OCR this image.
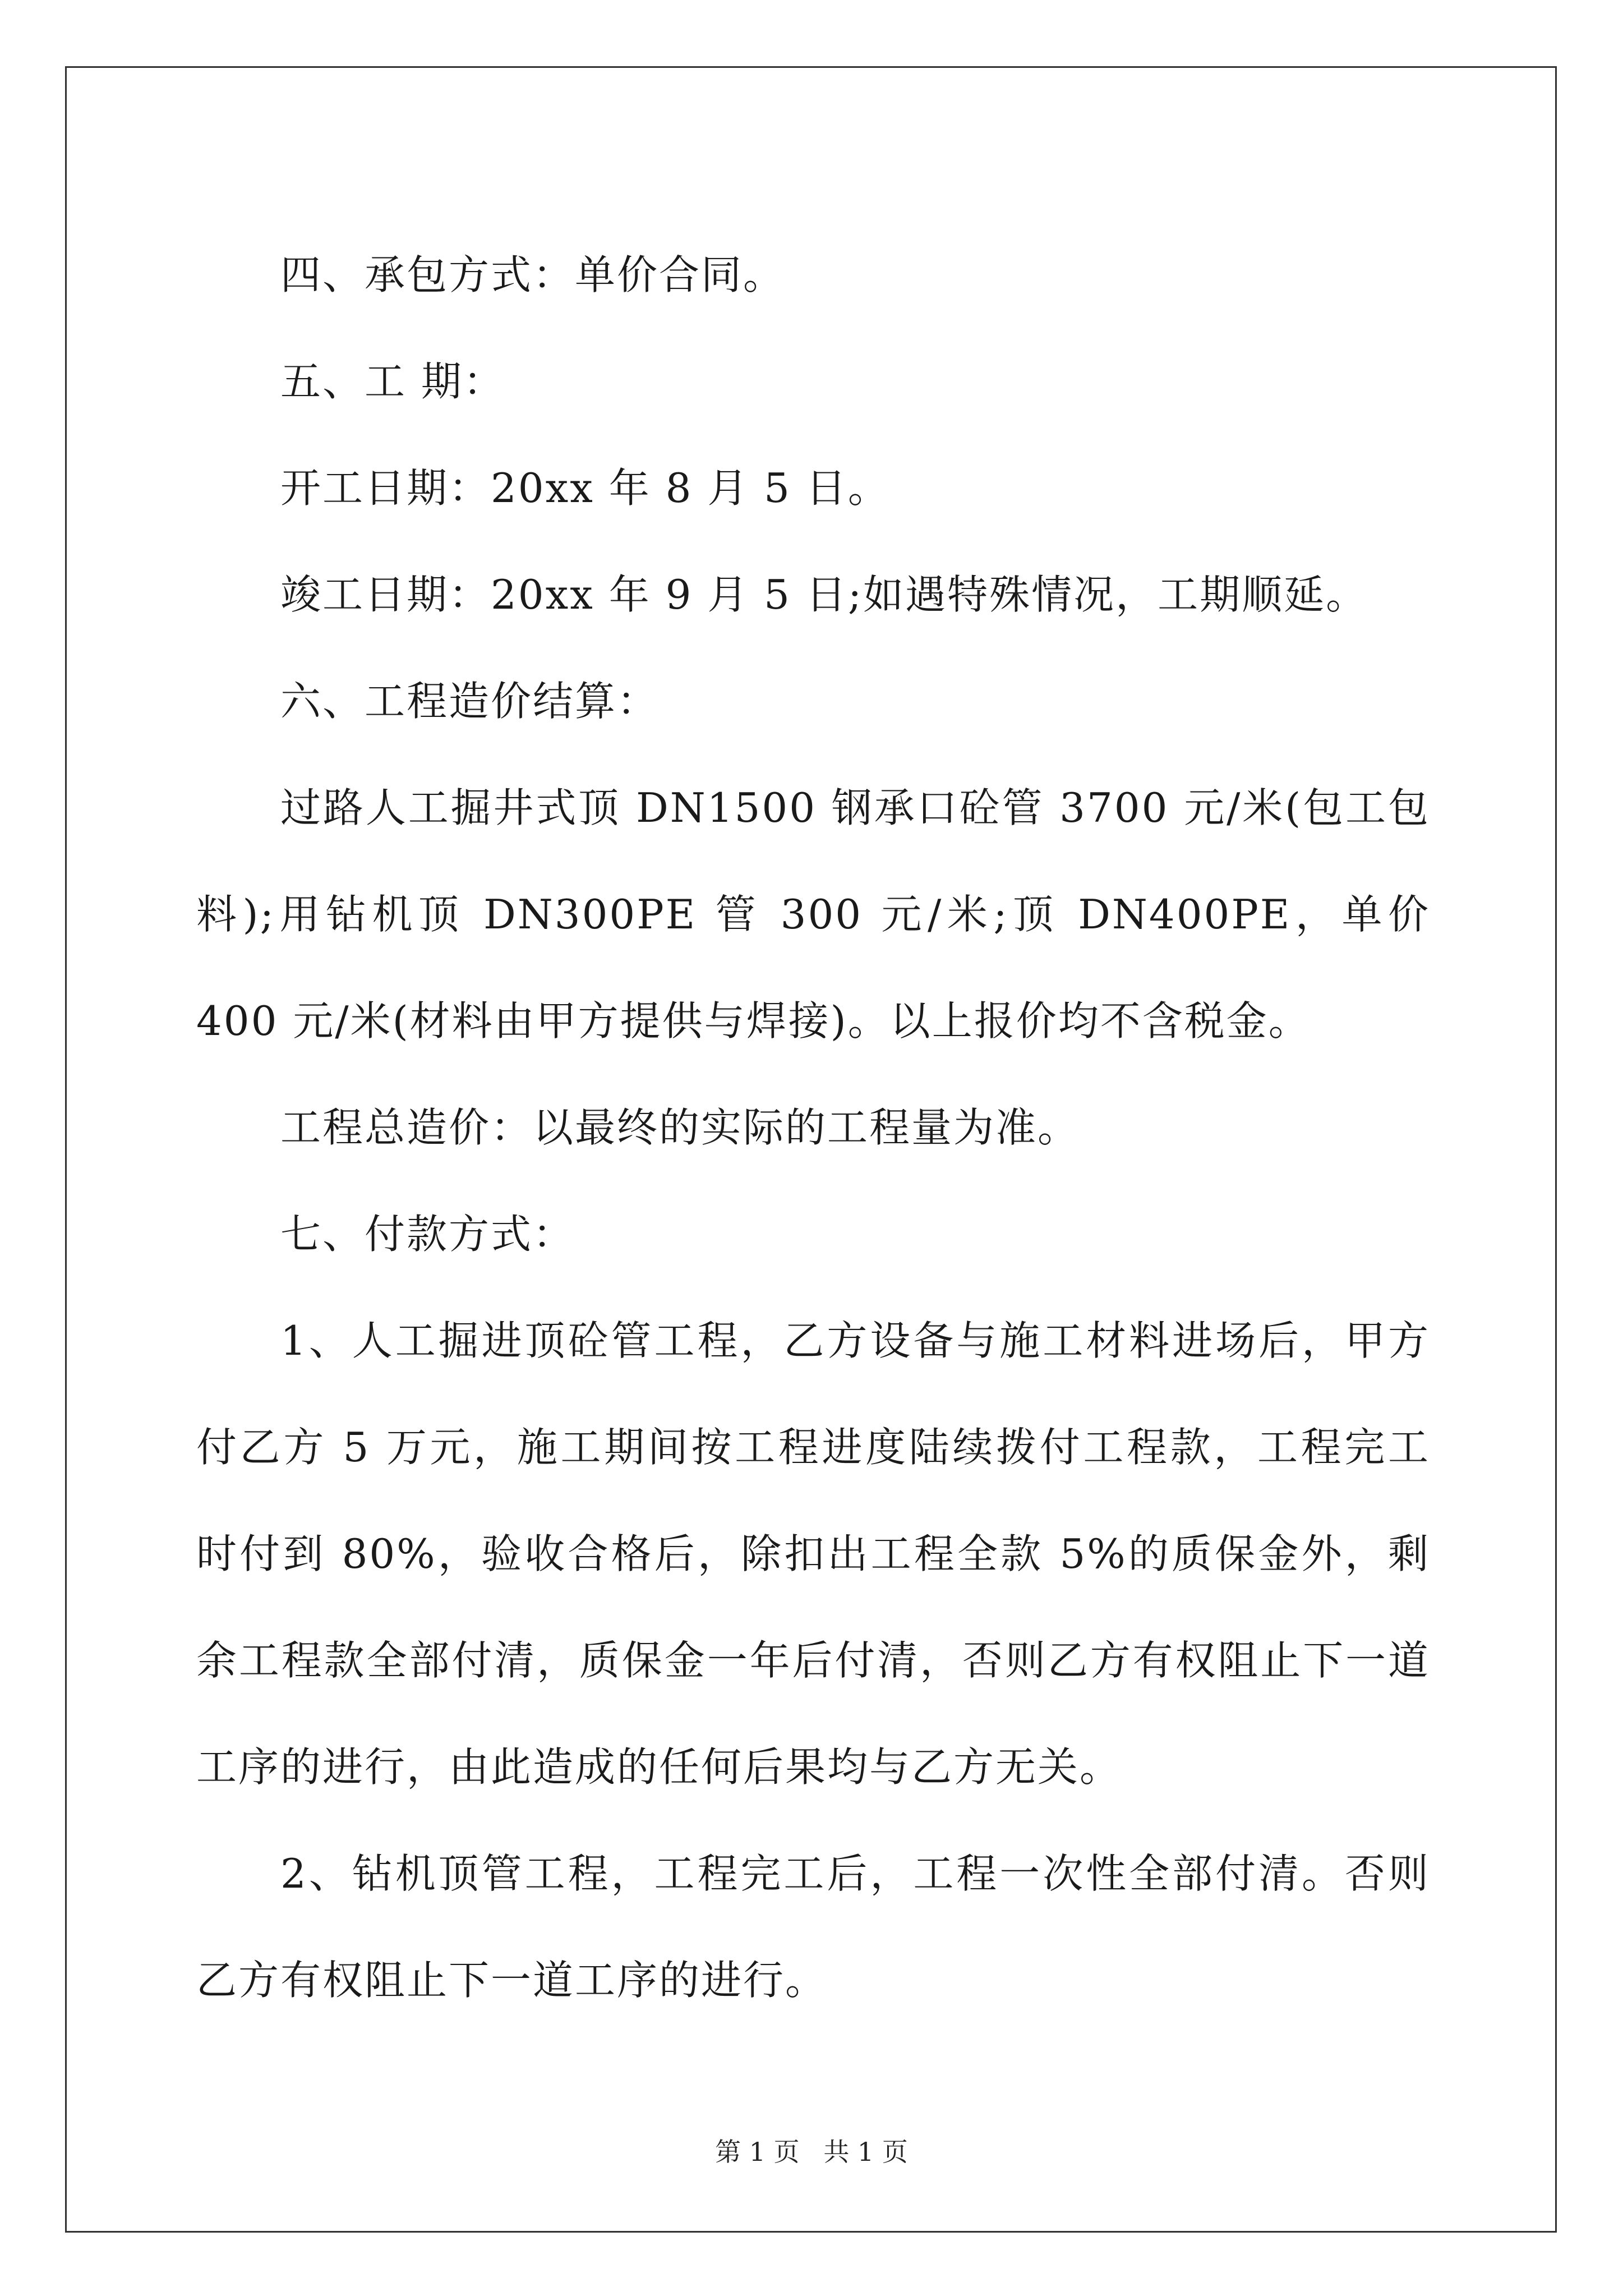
四、承包方式：单价合同。

五、工 期：

开工日期：20xx 年 8 月 5 日。

竣工日期：20xx 年 9 月 5 日;如遇特殊情况，工期顺延。

六、工程造价结算：

过路人工掘井式顶 DN1500 钢承口砼管 3700 元/米(包工包料);用钻机顶 DN300PE 管 300 元/米;顶 DN400PE，单价 400 元/米(材料由甲方提供与焊接)。以上报价均不含税金。

工程总造价：以最终的实际的工程量为准。

七、付款方式：

1、人工掘进顶砼管工程，乙方设备与施工材料进场后，甲方付乙方 5 万元，施工期间按工程进度陆续拨付工程款，工程完工时付到 80%，验收合格后，除扣出工程全款 5%的质保金外，剩余工程款全部付清，质保金一年后付清，否则乙方有权阻止下一道工序的进行，由此造成的任何后果均与乙方无关。

2、钻机顶管工程，工程完工后，工程一次性全部付清。否则乙方有权阻止下一道工序的进行。

第 1 页 共 1 页
